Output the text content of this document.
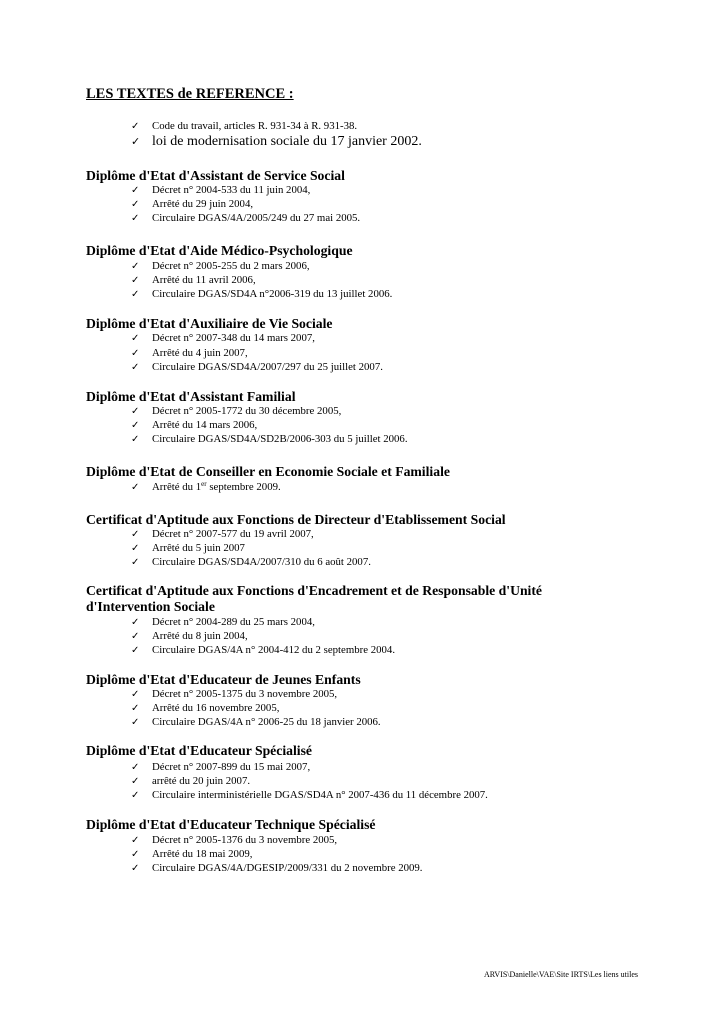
LES TEXTES de REFERENCE :
✓ Code du travail, articles R. 931-34 à R. 931-38.
✓ loi de modernisation sociale du 17 janvier 2002.
Diplôme d'Etat d'Assistant de Service Social
✓ Décret n° 2004-533 du 11 juin 2004,
✓ Arrêté du 29 juin 2004,
✓ Circulaire DGAS/4A/2005/249 du 27 mai 2005.
Diplôme d'Etat d'Aide Médico-Psychologique
✓ Décret n° 2005-255 du 2 mars 2006,
✓ Arrêté du 11 avril 2006,
✓ Circulaire DGAS/SD4A n°2006-319 du 13 juillet 2006.
Diplôme d'Etat d'Auxiliaire de Vie Sociale
✓ Décret n° 2007-348 du 14 mars 2007,
✓ Arrêté du 4 juin 2007,
✓ Circulaire DGAS/SD4A/2007/297 du 25 juillet 2007.
Diplôme d'Etat d'Assistant Familial
✓ Décret n° 2005-1772 du 30 décembre 2005,
✓ Arrêté du 14 mars 2006,
✓ Circulaire DGAS/SD4A/SD2B/2006-303 du 5 juillet 2006.
Diplôme d'Etat de Conseiller en Economie Sociale et Familiale
✓ Arrêté du 1er septembre 2009.
Certificat d'Aptitude aux Fonctions de Directeur d'Etablissement Social
✓ Décret n° 2007-577 du 19 avril 2007,
✓ Arrêté du 5 juin 2007
✓ Circulaire DGAS/SD4A/2007/310 du 6 août 2007.
Certificat d'Aptitude aux Fonctions d'Encadrement et de Responsable d'Unité d'Intervention Sociale
✓ Décret n° 2004-289 du 25 mars 2004,
✓ Arrêté du 8 juin 2004,
✓ Circulaire DGAS/4A n° 2004-412 du 2 septembre 2004.
Diplôme d'Etat d'Educateur de Jeunes Enfants
✓ Décret n° 2005-1375 du 3 novembre 2005,
✓ Arrêté du 16 novembre 2005,
✓ Circulaire DGAS/4A n° 2006-25 du 18 janvier 2006.
Diplôme d'Etat d'Educateur Spécialisé
✓ Décret n° 2007-899 du 15 mai 2007,
✓ arrêté du 20 juin 2007.
✓ Circulaire interministérielle DGAS/SD4A n° 2007-436 du 11 décembre 2007.
Diplôme d'Etat d'Educateur Technique Spécialisé
✓ Décret n° 2005-1376 du 3 novembre 2005,
✓ Arrêté du 18 mai 2009,
✓ Circulaire DGAS/4A/DGESIP/2009/331 du 2 novembre 2009.
ARVIS\Danielle\VAE\Site IRTS\Les liens utiles
